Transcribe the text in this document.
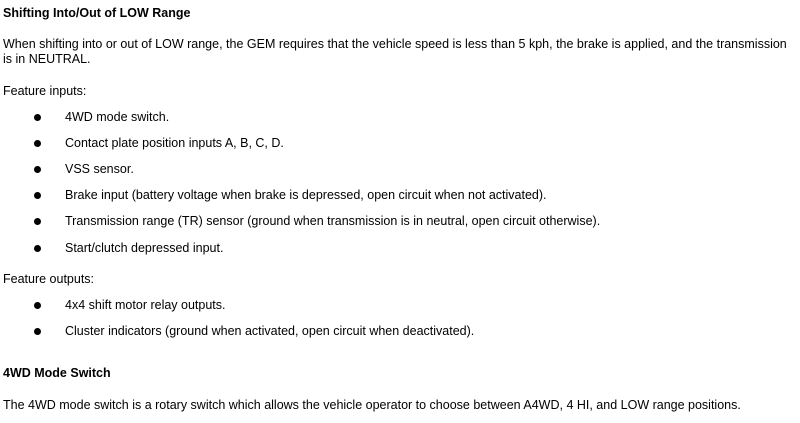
Shifting Into/Out of LOW Range

When shifting into or out of LOW range, the GEM requires that the vehicle speed is less than 5 kph, the brake is applied, and the transmission is in NEUTRAL.

Feature inputs:

4WD mode switch.
Contact plate position inputs A, B, C, D.
VSS sensor.
Brake input (battery voltage when brake is depressed, open circuit when not activated).
Transmission range (TR) sensor (ground when transmission is in neutral, open circuit otherwise).
Start/clutch depressed input.

Feature outputs:

4x4 shift motor relay outputs.
Cluster indicators (ground when activated, open circuit when deactivated).
4WD Mode Switch

The 4WD mode switch is a rotary switch which allows the vehicle operator to choose between A4WD, 4 HI, and LOW range positions.
